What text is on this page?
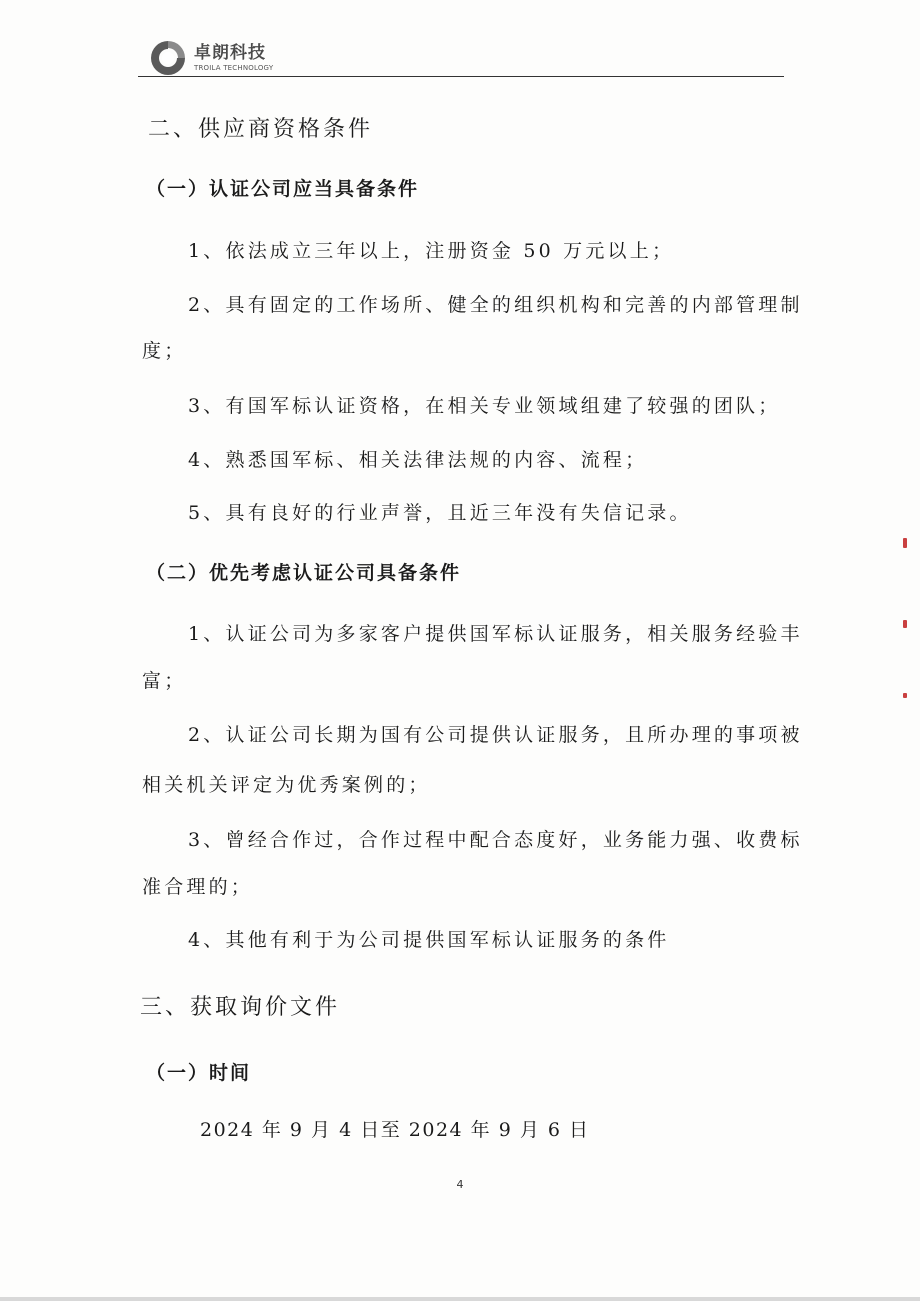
卓朗科技
TROILA TECHNOLOGY
二、供应商资格条件
（一）认证公司应当具备条件
1、依法成立三年以上，注册资金 50 万元以上；
2、具有固定的工作场所、健全的组织机构和完善的内部管理制
度；
3、有国军标认证资格，在相关专业领域组建了较强的团队；
4、熟悉国军标、相关法律法规的内容、流程；
5、具有良好的行业声誉，且近三年没有失信记录。
（二）优先考虑认证公司具备条件
1、认证公司为多家客户提供国军标认证服务，相关服务经验丰
富；
2、认证公司长期为国有公司提供认证服务，且所办理的事项被
相关机关评定为优秀案例的；
3、曾经合作过，合作过程中配合态度好，业务能力强、收费标
准合理的；
4、其他有利于为公司提供国军标认证服务的条件
三、获取询价文件
（一）时间
2024 年 9 月 4 日至 2024 年 9 月 6 日
4
